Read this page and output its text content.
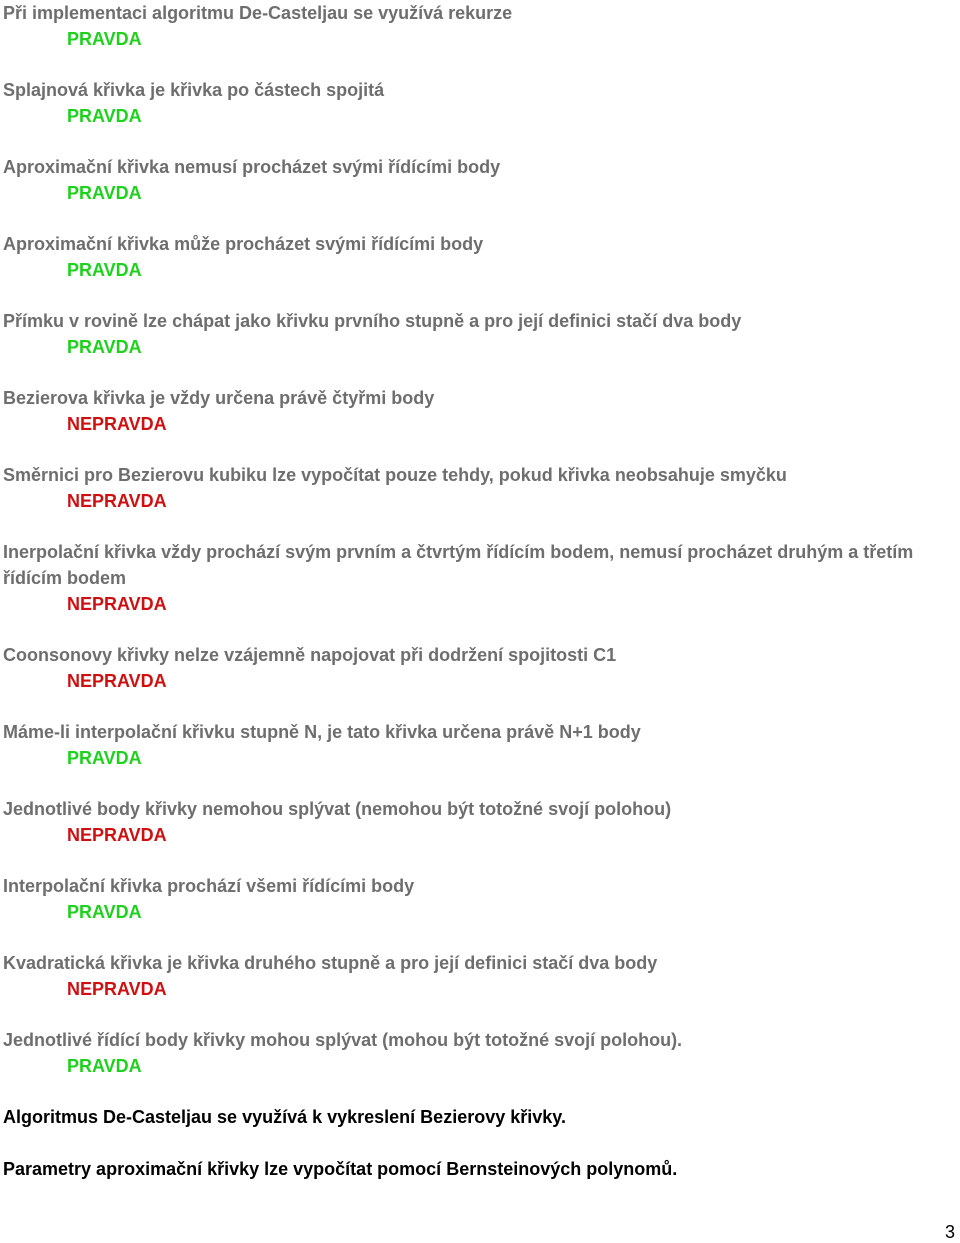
Při implementaci algoritmu De-Casteljau se využívá rekurze

PRAVDA

Splajnová křivka je křivka po částech spojitá

PRAVDA

Aproximační křivka nemusí procházet svými řídícími body

PRAVDA

Aproximační křivka může procházet svými řídícími body

PRAVDA

Přímku v rovině lze chápat jako křivku prvního stupně a pro její definici stačí dva body

PRAVDA

Bezierova křivka je vždy určena právě čtyřmi body

NEPRAVDA

Směrnici pro Bezierovu kubiku lze vypočítat pouze tehdy, pokud křivka neobsahuje smyčku

NEPRAVDA

Inerpolační křivka vždy prochází svým prvním a čtvrtým řídícím bodem, nemusí procházet druhým a třetím řídícím bodem

NEPRAVDA

Coonsonovy křivky nelze vzájemně napojovat při dodržení spojitosti C1

NEPRAVDA

Máme-li interpolační křivku stupně N, je tato křivka určena právě N+1 body

PRAVDA

Jednotlivé body křivky nemohou splývat (nemohou být totožné svojí polohou)

NEPRAVDA

Interpolační křivka prochází všemi řídícími body

PRAVDA

Kvadratická křivka je křivka druhého stupně a pro její definici stačí dva body

NEPRAVDA

Jednotlivé řídící body křivky mohou splývat (mohou být totožné svojí polohou).

PRAVDA

Algoritmus De-Casteljau se využívá k vykreslení Bezierovy křivky.

Parametry aproximační křivky lze vypočítat pomocí Bernsteinových polynomů.

3
